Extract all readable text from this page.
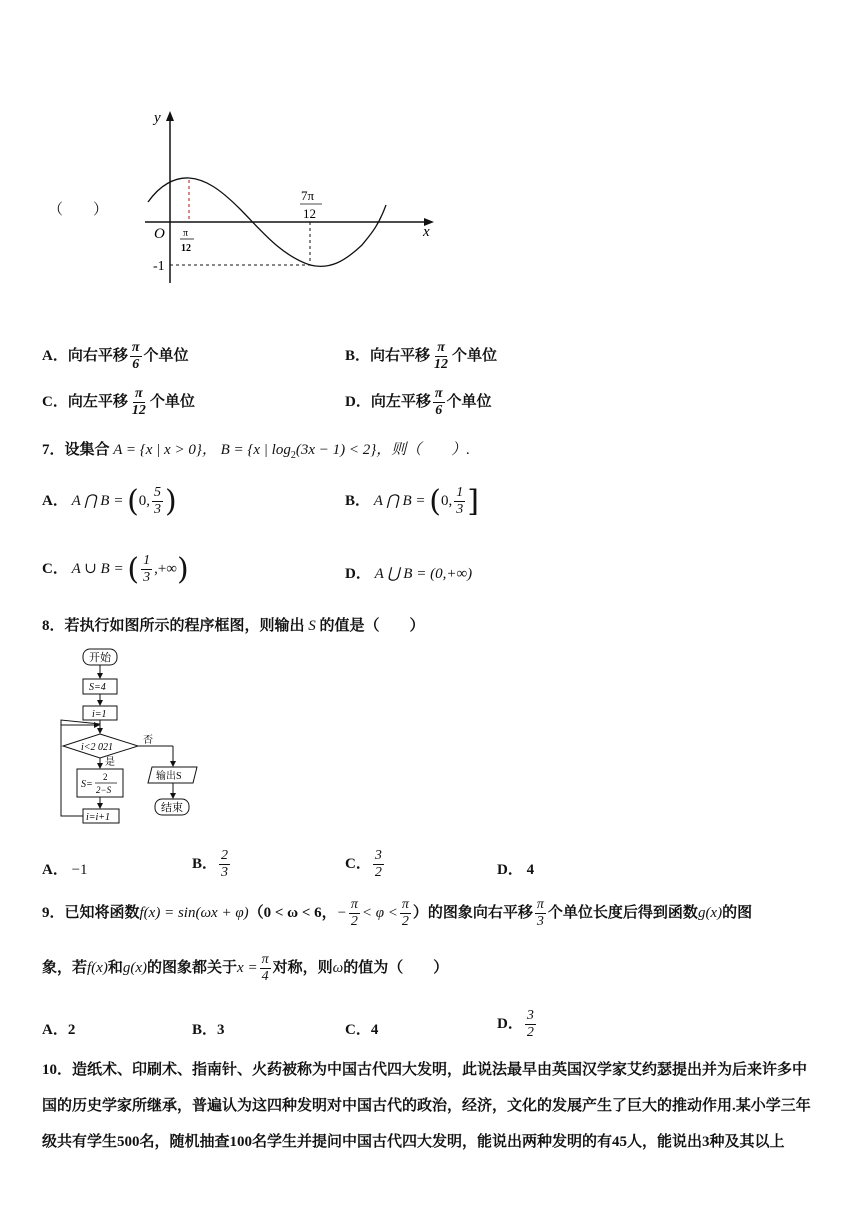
（　　）
y
x
O π
12
7π
12
-1
A．向右平移 $\frac{\pi}{6}$ 个单位	B．向右平移 $\frac{\pi}{12}$ 个单位
C．向左平移 $\frac{\pi}{12}$ 个单位	D．向左平移 $\frac{\pi}{6}$ 个单位
7．设集合 A = {x | x > 0}， B = {x | $\log_2(3x - 1) < 2$}，则（　　）.
A． A ⋂ B = (0, $\frac{5}{3}$ )	B． A ⋂ B = (0, $\frac{1}{3}$ ]
C． A ∪ B = ( $\frac{1}{3}$ ,+∞)	D． A ⋃ B = (0,+∞)
8．若执行如图所示的程序框图，则输出 S 的值是（　　）
开始
S=4
i=1
i<2 021
否
输出S
结束
是
S=
2
2−S
i=i+1
A． −1	B． $\frac{2}{3}$	C． $\frac{3}{2}$	D． 4
9．已知将函数f(x) = sin(ωx + φ)（0 < ω < 6，− $\frac{\pi}{2} < \varphi < \frac{\pi}{2}$ ）的图象向右平移 $\frac{\pi}{3}$ 个单位长度后得到函数g(x)的图
象，若f(x)和g(x)的图象都关于$x = \frac{\pi}{4}$ 对称，则ω的值为（　　）
A．2	B．3	C．4	D． $\frac{3}{2}$
10．造纸术、印刷术、指南针、火药被称为中国古代四大发明，此说法最早由英国汉学家艾约瑟提出并为后来许多中
国的历史学家所继承，普遍认为这四种发明对中国古代的政治，经济，文化的发展产生了巨大的推动作用.某小学三年
级共有学生500名，随机抽查100名学生并提问中国古代四大发明，能说出两种发明的有45人，能说出3种及其以上
